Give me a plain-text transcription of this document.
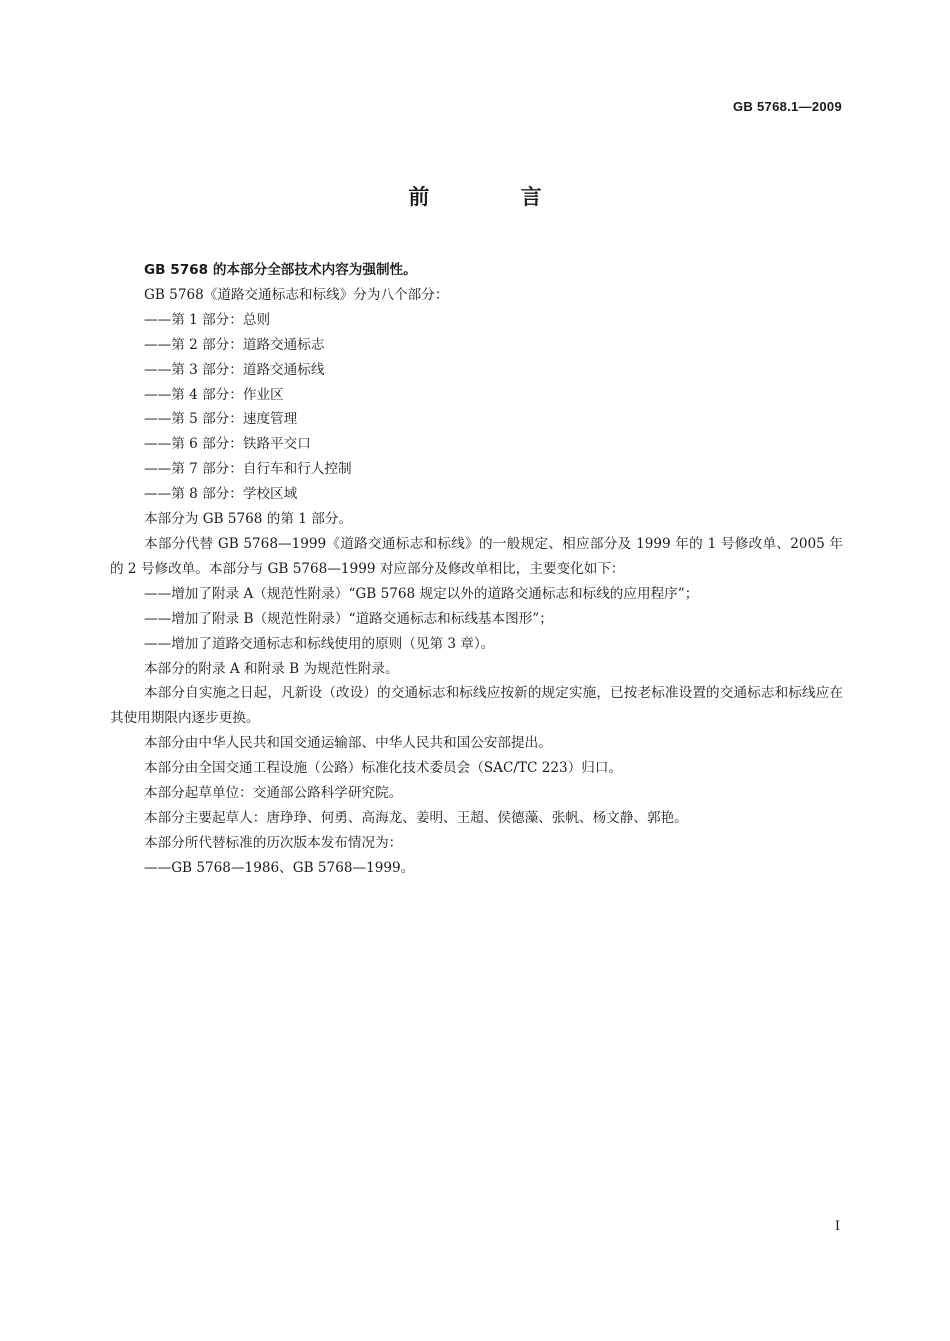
GB 5768.1—2009
前 言

GB 5768 的本部分全部技术内容为强制性。

GB 5768《道路交通标志和标线》分为八个部分：

——第 1 部分：总则

——第 2 部分：道路交通标志

——第 3 部分：道路交通标线

——第 4 部分：作业区

——第 5 部分：速度管理

——第 6 部分：铁路平交口

——第 7 部分：自行车和行人控制

——第 8 部分：学校区域

本部分为 GB 5768 的第 1 部分。

本部分代替 GB 5768—1999《道路交通标志和标线》的一般规定、相应部分及 1999 年的 1 号修改单、2005 年的 2 号修改单。本部分与 GB 5768—1999 对应部分及修改单相比，主要变化如下：

——增加了附录 A（规范性附录）“GB 5768 规定以外的道路交通标志和标线的应用程序”；

——增加了附录 B（规范性附录）“道路交通标志和标线基本图形”；

——增加了道路交通标志和标线使用的原则（见第 3 章）。

本部分的附录 A 和附录 B 为规范性附录。

本部分自实施之日起，凡新设（改设）的交通标志和标线应按新的规定实施，已按老标准设置的交通标志和标线应在其使用期限内逐步更换。

本部分由中华人民共和国交通运输部、中华人民共和国公安部提出。

本部分由全国交通工程设施（公路）标准化技术委员会（SAC/TC 223）归口。

本部分起草单位：交通部公路科学研究院。

本部分主要起草人：唐琤琤、何勇、高海龙、姜明、王超、侯德藻、张帆、杨文静、郭艳。

本部分所代替标准的历次版本发布情况为：

——GB 5768—1986、GB 5768—1999。

I
